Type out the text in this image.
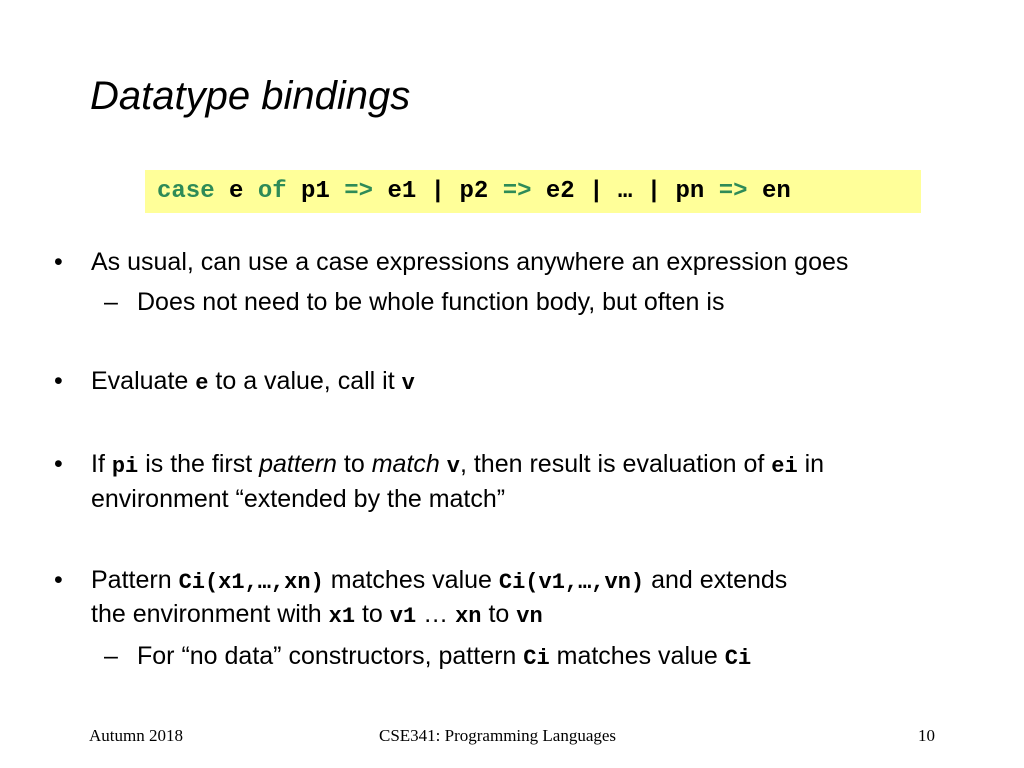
Datatype bindings
case e of p1 => e1 | p2 => e2 | … | pn => en
• As usual, can use a case expressions anywhere an expression goes
– Does not need to be whole function body, but often is
• Evaluate e to a value, call it v
• If pi is the first pattern to match v, then result is evaluation of ei in
environment “extended by the match”
• Pattern Ci(x1,…,xn) matches value Ci(v1,…,vn) and extends
the environment with x1 to v1 … xn to vn
– For “no data” constructors, pattern Ci matches value Ci
Autumn 2018	CSE341: Programming Languages	10
